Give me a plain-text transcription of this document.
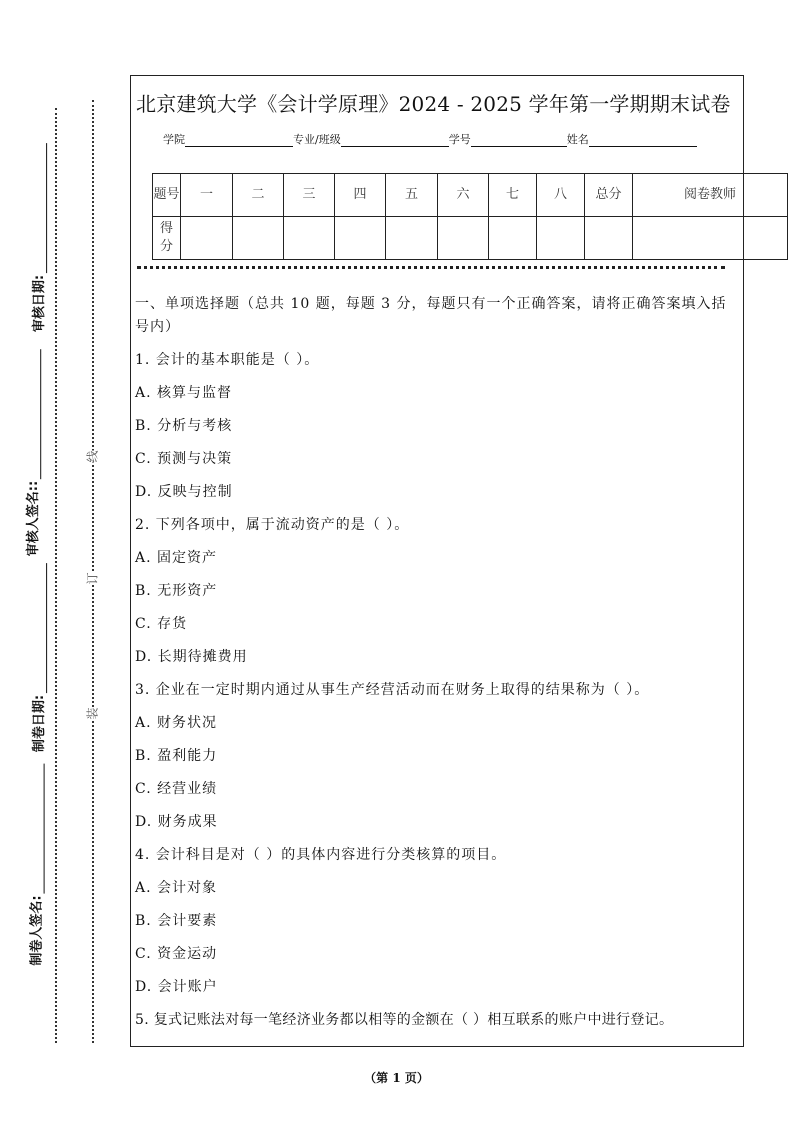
审核日期:
审核人签名::
制卷日期:
制卷人签名:
线
订
装
北京建筑大学《会计学原理》2024 - 2025 学年第一学期期末试卷
学院	专业/班级	学号	姓名
题号	一	二	三	四	五	六	七	八	总分	阅卷教师
得分										
一、单项选择题（总共 10 题，每题 3 分，每题只有一个正确答案，请将正确答案填入括号内）
1. 会计的基本职能是（ ）。
A. 核算与监督
B. 分析与考核
C. 预测与决策
D. 反映与控制
2. 下列各项中，属于流动资产的是（ ）。
A. 固定资产
B. 无形资产
C. 存货
D. 长期待摊费用
3. 企业在一定时期内通过从事生产经营活动而在财务上取得的结果称为（ ）。
A. 财务状况
B. 盈利能力
C. 经营业绩
D. 财务成果
4. 会计科目是对（ ）的具体内容进行分类核算的项目。
A. 会计对象
B. 会计要素
C. 资金运动
D. 会计账户
5. 复式记账法对每一笔经济业务都以相等的金额在（ ）相互联系的账户中进行登记。
（第 1 页）
